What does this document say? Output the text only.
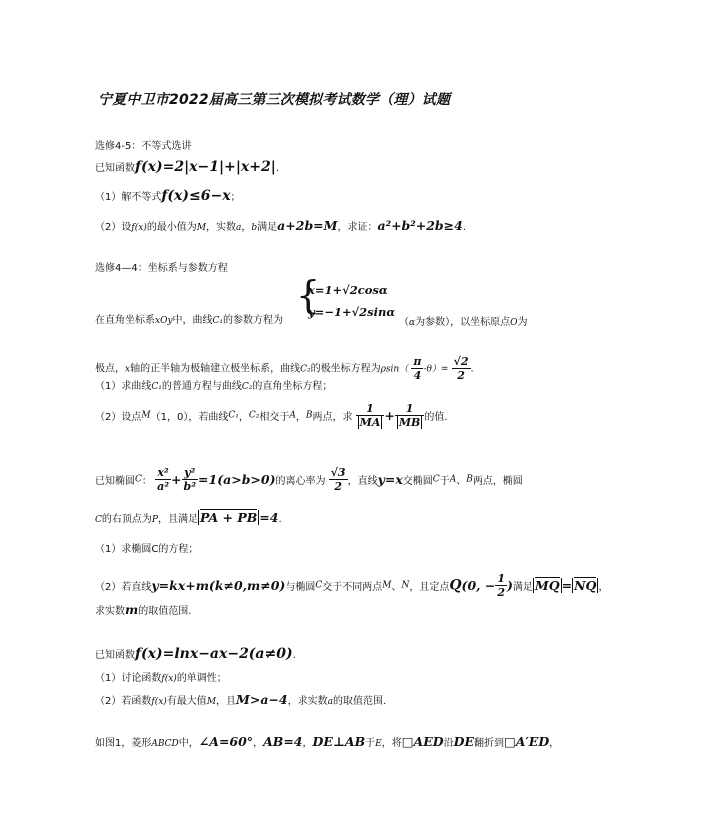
宁夏中卫市2022届高三第三次模拟考试数学（理）试题
选修4-5：不等式选讲
已知函数f(x)=2|x−1|+|x+2|.
（1）解不等式f(x)≤6−x；
（2）设f(x)的最小值为M，实数a，b满足a+2b=M，求证：a²+b²+2b≥4.
选修4—4：坐标系与参数方程
{
x=1+√2cosα
y=−1+√2sinα
在直角坐标系xOy中，曲线C₁的参数方程为	（α为参数），以坐标原点O为
极点，x轴的正半轴为极轴建立极坐标系，曲线C₂的极坐标方程为$\rho\sin( \frac{\pi}{4} -\theta)= \frac{√2}{2}$ .
（1）求曲线C₁的普通方程与曲线C₂的直角坐标方程；
（2）设点M（1，0），若曲线C₁，C₂相交于A，B两点，求 $\frac{1}{MA} + \frac{1}{MB}$ 的值.
已知椭圆C： $\frac{\text{x²}}{\text{a²}} + \frac{\text{y²}}{\text{b²}} =1(a>b>0)$的离心率为 $\frac{√3}{2}$ ，直线y=x交椭圆C于A、B两点，椭圆
C的右顶点为P，且满足 PA + PB =4.
（1）求椭圆C的方程；
（2）若直线y=kx+m(k≠0,m≠0)与椭圆C交于不同两点M、N，且定点Q(0, − $\frac{1}{2}$ )满足 MQ = NQ ，
求实数m的取值范围.
已知函数f(x)=lnx−ax−2(a≠0).
（1）讨论函数f(x)的单调性；
（2）若函数f(x)有最大值M，且M>a−4，求实数a的取值范围.
如图1，菱形ABCD中，∠A=60°，AB=4，DE⊥AB于E，将□AED沿DE翻折到□A′ED，
